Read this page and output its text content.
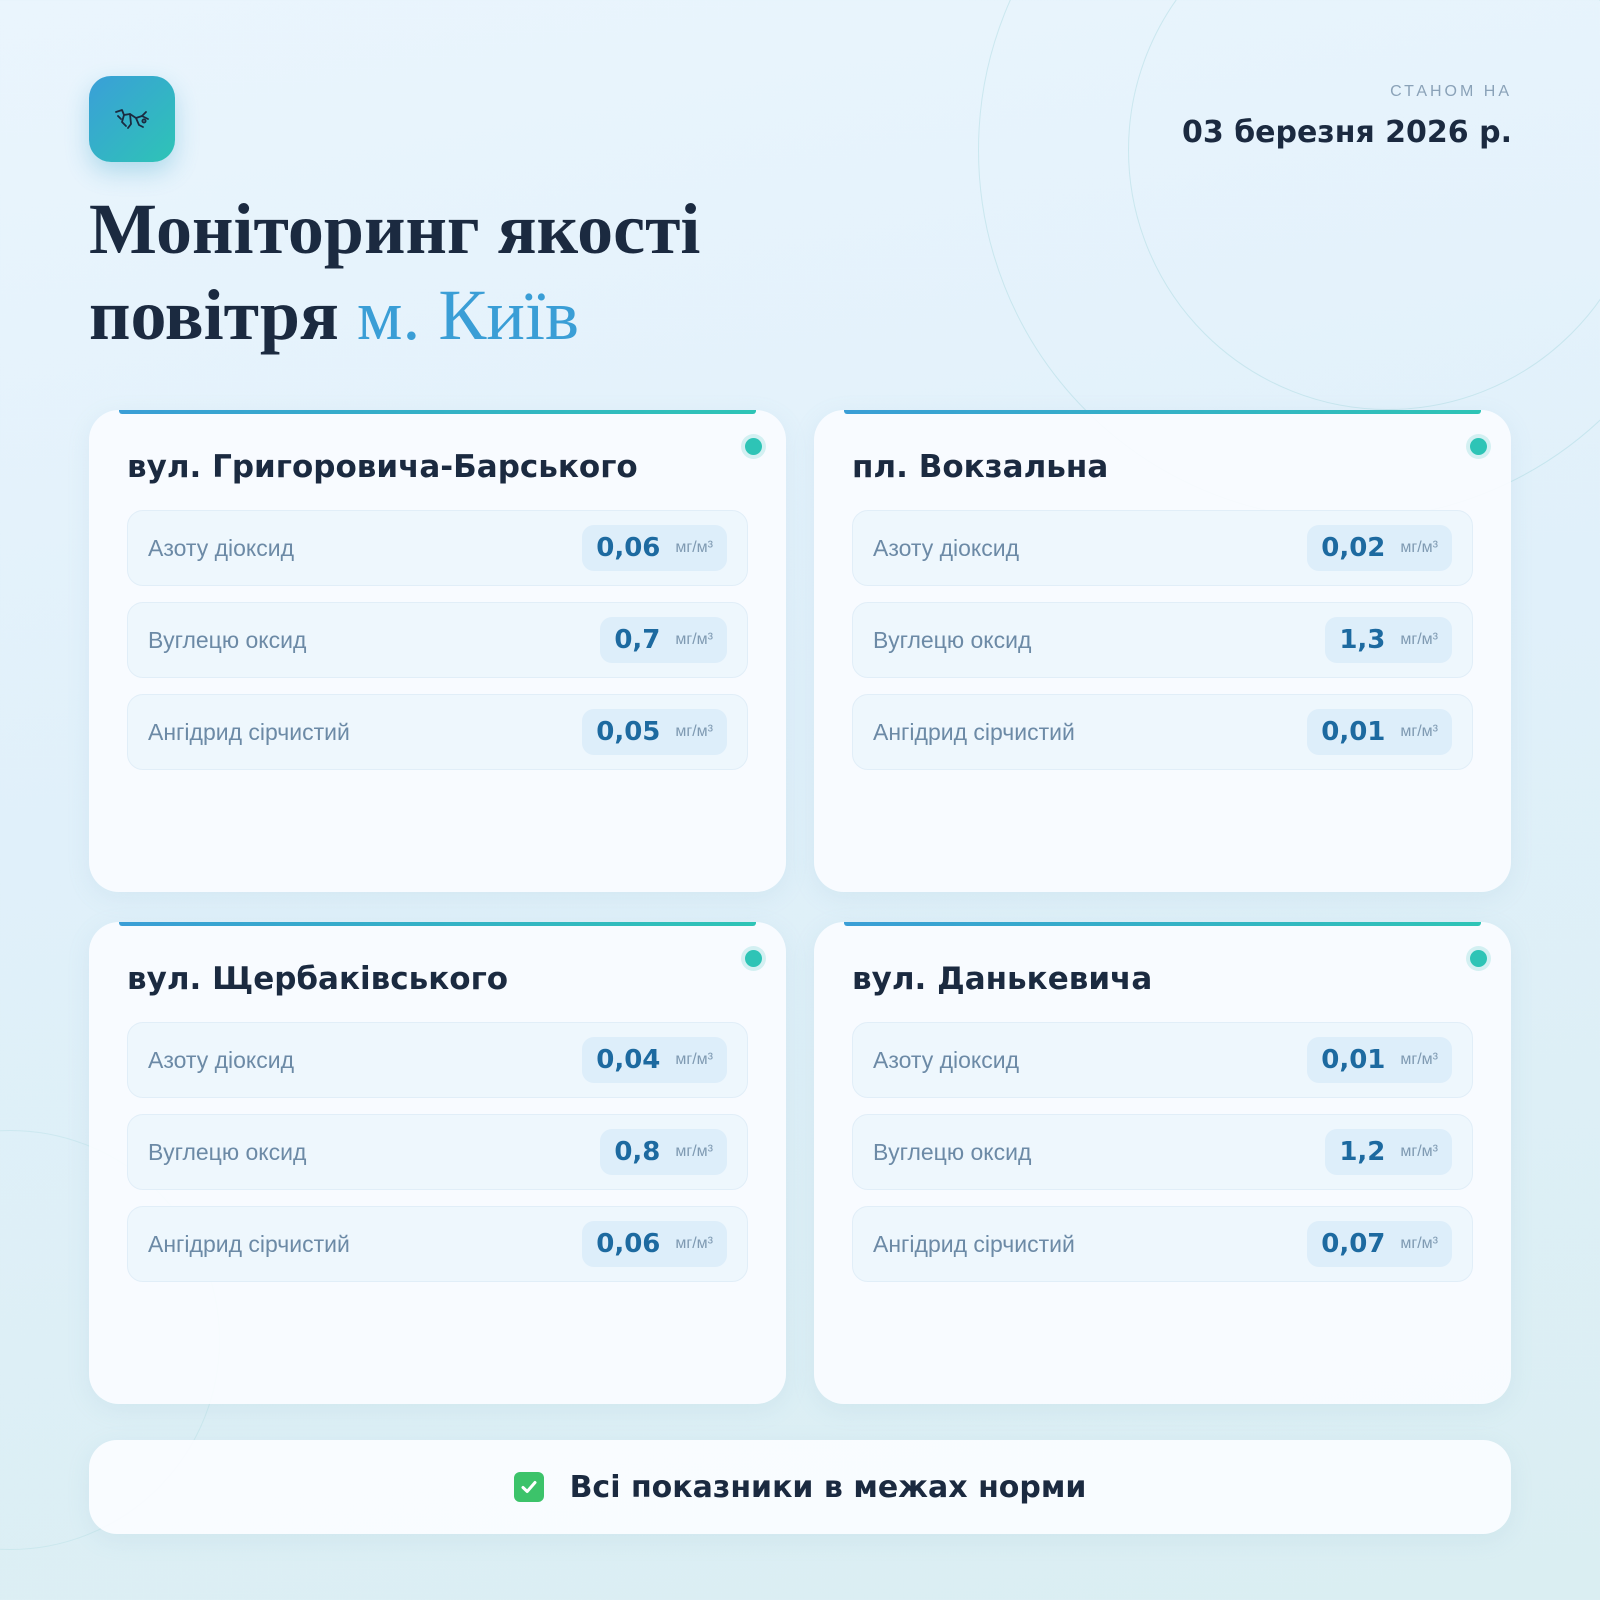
СТАНОМ НА
03 березня 2026 р.
Моніторинг якості
повітря м. Київ
вул. Григоровича-Барського
Азоту діоксид	0,06 мг/м³
Вуглецю оксид	0,7 мг/м³
Ангідрид сірчистий	0,05 мг/м³
пл. Вокзальна
Азоту діоксид	0,02 мг/м³
Вуглецю оксид	1,3 мг/м³
Ангідрид сірчистий	0,01 мг/м³
вул. Щербаківського
Азоту діоксид	0,04 мг/м³
Вуглецю оксид	0,8 мг/м³
Ангідрид сірчистий	0,06 мг/м³
вул. Данькевича
Азоту діоксид	0,01 мг/м³
Вуглецю оксид	1,2 мг/м³
Ангідрид сірчистий	0,07 мг/м³
Всі показники в межах норми
